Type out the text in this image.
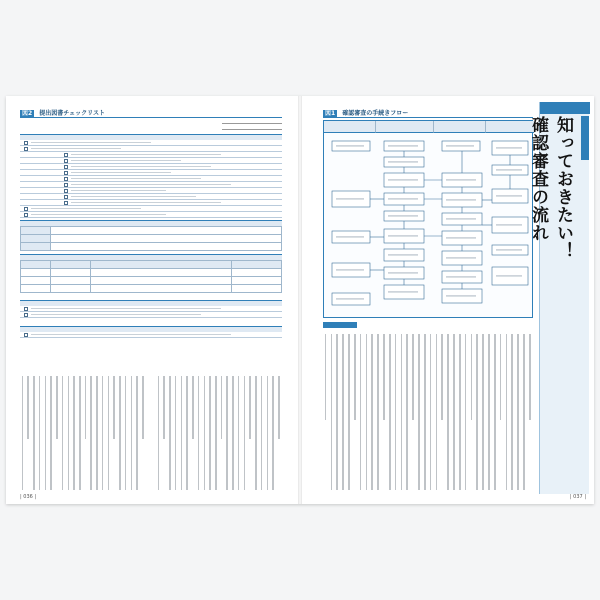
図2 提出図書チェックリスト

| 036 |
図1 確認審査の手続きフロー
知っておきたい！確認審査の流れ
| 037 |
